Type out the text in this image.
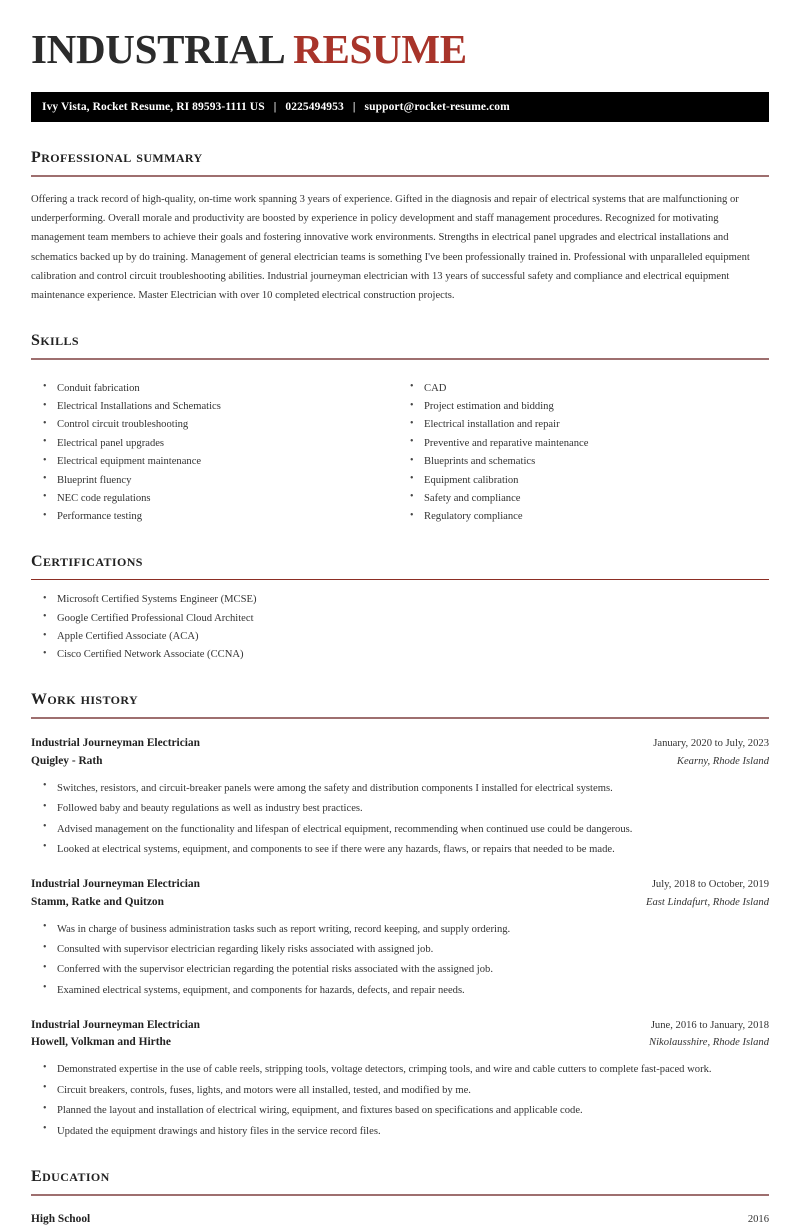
INDUSTRIAL RESUME
Ivy Vista, Rocket Resume, RI 89593-1111 US | 0225494953 | support@rocket-resume.com
professional summary

Offering a track record of high-quality, on-time work spanning 3 years of experience. Gifted in the diagnosis and repair of electrical systems that are malfunctioning or underperforming. Overall morale and productivity are boosted by experience in policy development and staff management procedures. Recognized for motivating management team members to achieve their goals and fostering innovative work environments. Strengths in electrical panel upgrades and electrical installations and schematics backed up by do training. Management of general electrician teams is something I've been professionally trained in. Professional with unparalleled equipment calibration and control circuit troubleshooting abilities. Industrial journeyman electrician with 13 years of successful safety and compliance and electrical equipment maintenance experience. Master Electrician with over 10 completed electrical construction projects.

skills
• Conduit fabrication
• Electrical Installations and Schematics
• Control circuit troubleshooting
• Electrical panel upgrades
• Electrical equipment maintenance
• Blueprint fluency
• NEC code regulations
• Performance testing
• CAD
• Project estimation and bidding
• Electrical installation and repair
• Preventive and reparative maintenance
• Blueprints and schematics
• Equipment calibration
• Safety and compliance
• Regulatory compliance
certifications
• Microsoft Certified Systems Engineer (MCSE)
• Google Certified Professional Cloud Architect
• Apple Certified Associate (ACA)
• Cisco Certified Network Associate (CCNA)
work history
Industrial Journeyman Electrician	January, 2020 to July, 2023
Quigley - Rath	Kearny, Rhode Island
• Switches, resistors, and circuit-breaker panels were among the safety and distribution components I installed for electrical systems.
• Followed baby and beauty regulations as well as industry best practices.
• Advised management on the functionality and lifespan of electrical equipment, recommending when continued use could be dangerous.
• Looked at electrical systems, equipment, and components to see if there were any hazards, flaws, or repairs that needed to be made.
Industrial Journeyman Electrician	July, 2018 to October, 2019
Stamm, Ratke and Quitzon	East Lindafurt, Rhode Island
• Was in charge of business administration tasks such as report writing, record keeping, and supply ordering.
• Consulted with supervisor electrician regarding likely risks associated with assigned job.
• Conferred with the supervisor electrician regarding the potential risks associated with the assigned job.
• Examined electrical systems, equipment, and components for hazards, defects, and repair needs.
Industrial Journeyman Electrician	June, 2016 to January, 2018
Howell, Volkman and Hirthe	Nikolausshire, Rhode Island
• Demonstrated expertise in the use of cable reels, stripping tools, voltage detectors, crimping tools, and wire and cable cutters to complete fast-paced work.
• Circuit breakers, controls, fuses, lights, and motors were all installed, tested, and modified by me.
• Planned the layout and installation of electrical wiring, equipment, and fixtures based on specifications and applicable code.
• Updated the equipment drawings and history files in the service record files.
education
High School	2016
